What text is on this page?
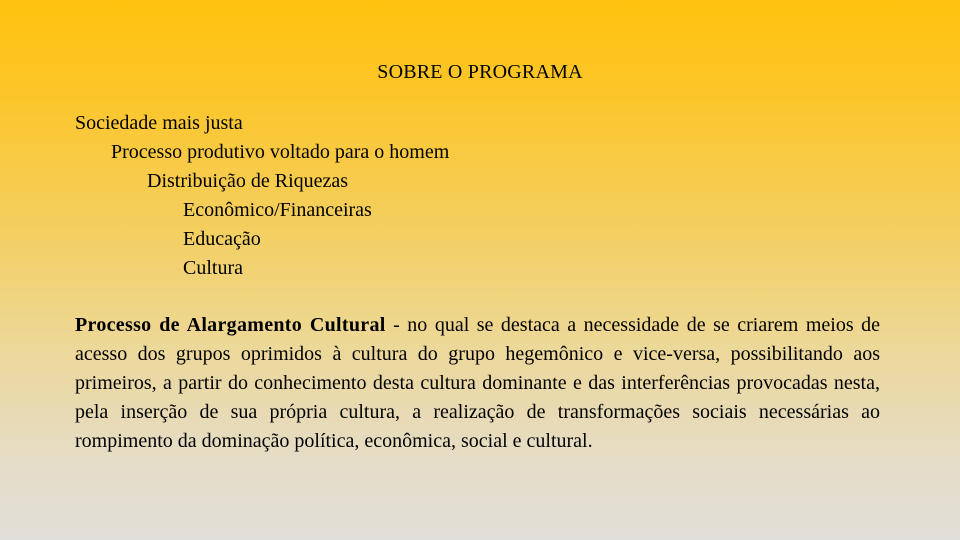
SOBRE O PROGRAMA
Sociedade mais justa
Processo produtivo voltado para o homem
Distribuição de Riquezas
Econômico/Financeiras
Educação
Cultura
Processo de Alargamento Cultural - no qual se destaca a necessidade de se criarem meios de acesso dos grupos oprimidos à cultura do grupo hegemônico e vice-versa, possibilitando aos primeiros, a partir do conhecimento desta cultura dominante e das interferências provocadas nesta, pela inserção de sua própria cultura, a realização de transformações sociais necessárias ao rompimento da dominação política, econômica, social e cultural.
